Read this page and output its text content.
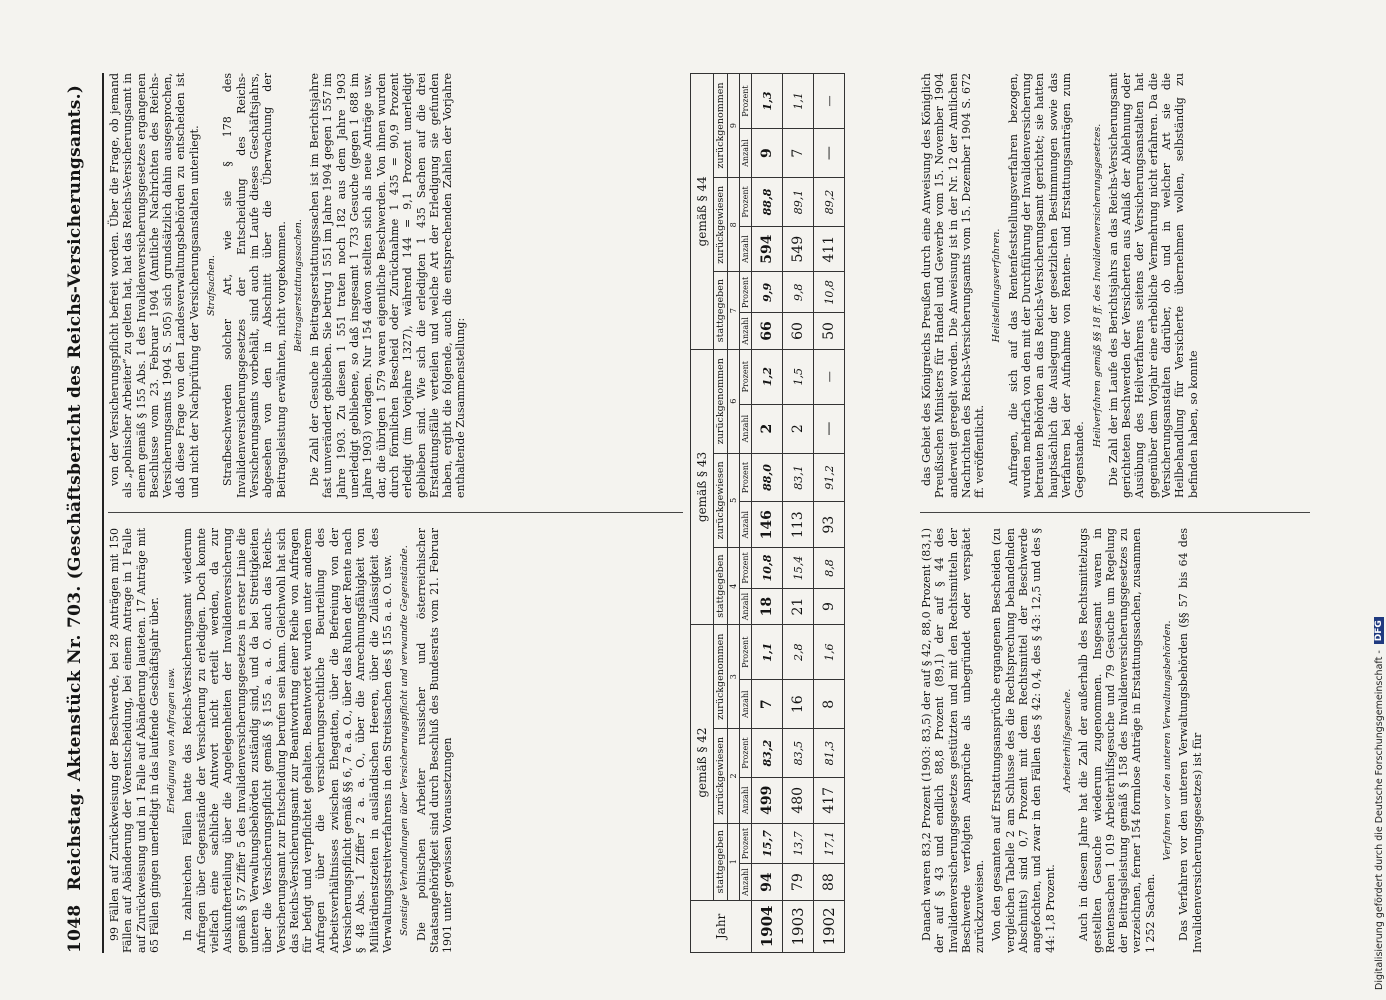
1048
Reichstag.
Aktenstück Nr. 703.
(Geschäftsbericht des Reichs-Versicherungsamts.)

99 Fällen auf Zurückweisung der Beschwerde, bei 28 Anträgen mit 150 Fällen auf Abänderung der Vorentscheidung, bei einem Antrage in 1 Falle auf Zurückweisung und in 1 Falle auf Abänderung lauteten. 17 Anträge mit 65 Fällen gingen unerledigt in das laufende Geschäftsjahr über. Erledigung von Anfragen usw. In zahlreichen Fällen hatte das Reichs-Versicherungsamt wiederum Anfragen über Gegenstände der Versicherung zu erledigen. Doch konnte vielfach eine sachliche Antwort nicht erteilt werden, da zur Auskunfterteilung über die Angelegenheiten der Invalidenversicherung gemäß § 57 Ziffer 5 des Invalidenversicherungsgesetzes in erster Linie die unteren Verwaltungsbehörden zuständig sind, und da bei Streitigkeiten über die Versicherungspflicht gemäß § 155 a. a. O. auch das Reichs-Versicherungsamt zur Entscheidung berufen sein kann. Gleichwohl hat sich das Reichs-Versicherungsamt zur Beantwortung einer Reihe von Anfragen für befugt und verpflichtet gehalten. Beantwortet wurden unter anderem Anfragen über die versicherungsrechtliche Beurteilung des Arbeitsverhältnisses zwischen Ehegatten, über die Befreiung von der Versicherungspflicht gemäß §§ 6, 7 a. a. O., über das Ruhen der Rente nach § 48 Abs. 1 Ziffer 2 a. a. O., über die Anrechnungsfähigkeit von Militärdienstzeiten in ausländischen Heeren, über die Zulässigkeit des Verwaltungsstreitverfahrens in den Streitsachen des § 155 a. a. O. usw. Sonstige Verhandlungen über Versicherungspflicht und verwandte Gegenstände. Die polnischen Arbeiter russischer und österreichischer Staatsangehörigkeit sind durch Beschluß des Bundesrats vom 21. Februar 1901 unter gewissen Voraussetzungen

von der Versicherungspflicht befreit worden. Über die Frage, ob jemand als „polnischer Arbeiter“ zu gelten hat, hat das Reichs-Versicherungsamt in einem gemäß § 155 Abs. 1 des Invalidenversicherungsgesetzes ergangenen Beschlusse vom 23. Februar 1904 (Amtliche Nachrichten des Reichs-Versicherungsamts 1904 S. 505) sich grundsätzlich dahin ausgesprochen, daß diese Frage von den Landesverwaltungsbehörden zu entscheiden ist und nicht der Nachprüfung der Versicherungsanstalten unterliegt. Strafsachen. Strafbeschwerden solcher Art, wie sie § 178 des Invalidenversicherungsgesetzes der Entscheidung des Reichs-Versicherungsamts vorbehält, sind auch im Laufe dieses Geschäftsjahrs, abgesehen von den in Abschnitt über die Überwachung der Beitragsleistung erwähnten, nicht vorgekommen. Beitragserstattungssachen. Die Zahl der Gesuche in Beitragserstattungssachen ist im Berichtsjahre fast unverändert geblieben. Sie betrug 1 551 im Jahre 1904 gegen 1 557 im Jahre 1903. Zu diesen 1 551 traten noch 182 aus dem Jahre 1903 unerledigt gebliebene, so daß insgesamt 1 733 Gesuche (gegen 1 688 im Jahre 1903) vorlagen. Nur 154 davon stellten sich als neue Anträge usw. dar, die übrigen 1 579 waren eigentliche Beschwerden. Von ihnen wurden durch förmlichen Bescheid oder Zurücknahme 1 435 = 90,9 Prozent erledigt (im Vorjahre 1327), während 144 = 9,1 Prozent unerledigt geblieben sind. Wie sich die erledigten 1 435 Sachen auf die drei Erstattungsfälle verteilen und welche Art der Erledigung sie gefunden haben, ergibt die folgende, auch die entsprechenden Zahlen der Vorjahre enthaltende Zusammenstellung:

Jahr	gemäß § 42						gemäß § 43						gemäß § 44					
	stattgegeben		zurückgewiesen		zurückgenommen		stattgegeben		zurückgewiesen		zurückgenommen		stattgegeben		zurückgewiesen		zurückgenommen	
	1		2		3		4		5		6		7		8		9	
	Anzahl	Prozent	Anzahl	Prozent	Anzahl	Prozent	Anzahl	Prozent	Anzahl	Prozent	Anzahl	Prozent	Anzahl	Prozent	Anzahl	Prozent	Anzahl	Prozent
1904	94	15,7	499	83,2	7	1,1	18	10,8	146	88,0	2	1,2	66	9,9	594	88,8	9	1,3
1903	79	13,7	480	83,5	16	2,8	21	15,4	113	83,1	2	1,5	60	9,8	549	89,1	7	1,1
1902	88	17,1	417	81,3	8	1,6	9	8,8	93	91,2	—	—	50	10,8	411	89,2	—	—

Danach waren 83,2 Prozent (1903: 83,5) der auf § 42, 88,0 Prozent (83,1) der auf § 43 und endlich 88,8 Prozent (89,1) der auf § 44 des Invalidenversicherungsgesetzes gestützten und mit den Rechtsmitteln der Beschwerde verfolgten Ansprüche als unbegründet oder verspätet zurückzuweisen. Von den gesamten auf Erstattungsansprüche ergangenen Bescheiden (zu vergleichen Tabelle 2 am Schlusse des die Rechtsprechung behandelnden Abschnitts) sind 0,7 Prozent mit dem Rechtsmittel der Beschwerde angefochten, und zwar in den Fällen des § 42: 0,4, des § 43: 12,5 und des § 44: 1,8 Prozent.

Arbeiterhilfsgesuche. Auch in diesem Jahre hat die Zahl der außerhalb des Rechtsmittelzugs gestellten Gesuche wiederum zugenommen. Insgesamt waren in Rentensachen 1 019 Arbeiterhilfsgesuche und 79 Gesuche um Regelung der Beitragsleistung gemäß § 158 des Invalidenversicherungsgesetzes zu verzeichnen, ferner 154 formlose Anträge in Erstattungssachen, zusammen 1 252 Sachen.

Verfahren vor den unteren Verwaltungsbehörden. Das Verfahren vor den unteren Verwaltungsbehörden (§§ 57 bis 64 des Invalidenversicherungsgesetzes) ist für

das Gebiet des Königreichs Preußen durch eine Anweisung des Königlich Preußischen Ministers für Handel und Gewerbe vom 15. November 1904 anderweit geregelt worden. Die Anweisung ist in der Nr. 12 der Amtlichen Nachrichten des Reichs-Versicherungsamts vom 15. Dezember 1904 S. 672 ff. veröffentlicht.

Heilstellungsverfahren. Anfragen, die sich auf das Rentenfeststellungsverfahren bezogen, wurden mehrfach von den mit der Durchführung der Invalidenversicherung betrauten Behörden an das Reichs-Versicherungsamt gerichtet; sie hatten hauptsächlich die Auslegung der gesetzlichen Bestimmungen sowie das Verfahren bei der Aufnahme von Renten- und Erstattungsanträgen zum Gegenstande.

Heilverfahren gemäß §§ 18 ff. des Invalidenversicherungsgesetzes. Die Zahl der im Laufe des Berichtsjahrs an das Reichs-Versicherungsamt gerichteten Beschwerden der Versicherten aus Anlaß der Ablehnung oder Ausübung des Heilverfahrens seitens der Versicherungsanstalten hat gegenüber dem Vorjahr eine erhebliche Vermehrung nicht erfahren. Da die Versicherungsanstalten darüber, ob und in welcher Art sie die Heilbehandlung für Versicherte übernehmen wollen, selbständig zu befinden haben, so konnte

Digitalisierung gefördert durch die Deutsche Forschungsgemeinschaft -
DFG
